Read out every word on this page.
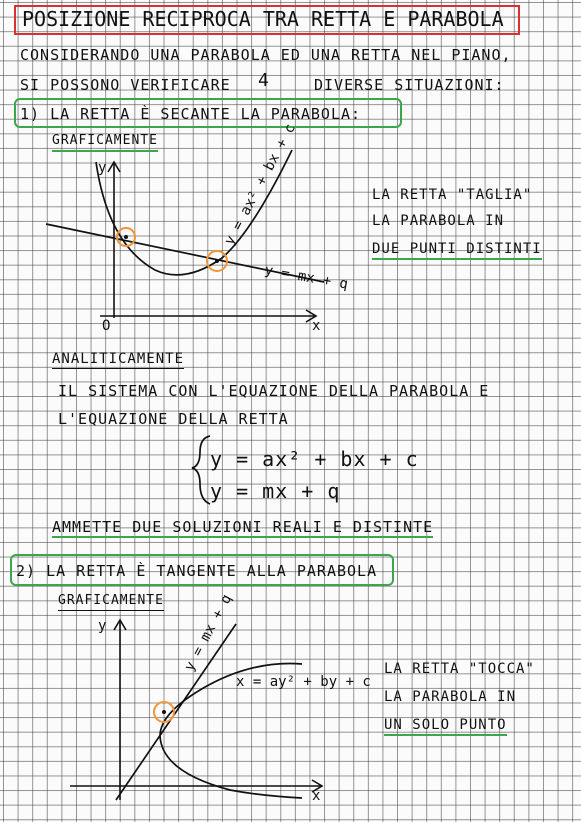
POSIZIONE RECIPROCA TRA RETTA E PARABOLA
CONSIDERANDO UNA PARABOLA ED UNA RETTA NEL PIANO,
SI POSSONO VERIFICARE 4	DIVERSE SITUAZIONI:
1) LA RETTA È SECANTE LA PARABOLA:
GRAFICAMENTE
y
x
O
y = ax² + bx + c
y = mx + q
LA RETTA "TAGLIA"
LA PARABOLA IN
DUE PUNTI DISTINTI
ANALITICAMENTE
IL SISTEMA CON L'EQUAZIONE DELLA PARABOLA E
L'EQUAZIONE DELLA RETTA
y = ax² + bx + c
y = mx + q
AMMETTE DUE SOLUZIONI REALI E DISTINTE
2) LA RETTA È TANGENTE ALLA PARABOLA
GRAFICAMENTE
y
x
y = mx + q
x = ay² + by + c
LA RETTA "TOCCA"
LA PARABOLA IN
UN SOLO PUNTO
